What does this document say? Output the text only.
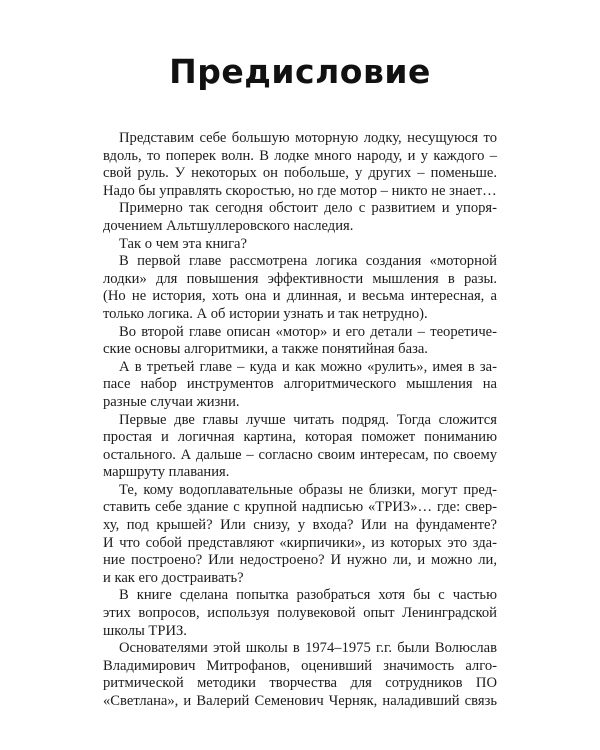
Предисловие
Представим себе большую моторную лодку, несущуюся то
вдоль, то поперек волн. В лодке много народу, и у каждого –
свой руль. У некоторых он побольше, у других – поменьше.
Надо бы управлять скоростью, но где мотор – никто не знает…
Примерно так сегодня обстоит дело с развитием и упоря-
дочением Альтшуллеровского наследия.
Так о чем эта книга?
В первой главе рассмотрена логика создания «моторной
лодки» для повышения эффективности мышления в разы.
(Но не история, хоть она и длинная, и весьма интересная, а
только логика. А об истории узнать и так нетрудно).
Во второй главе описан «мотор» и его детали – теоретиче-
ские основы алгоритмики, а также понятийная база.
А в третьей главе – куда и как можно «рулить», имея в за-
пасе набор инструментов алгоритмического мышления на
разные случаи жизни.
Первые две главы лучше читать подряд. Тогда сложится
простая и логичная картина, которая поможет пониманию
остального. А дальше – согласно своим интересам, по своему
маршруту плавания.
Те, кому водоплавательные образы не близки, могут пред-
ставить себе здание с крупной надписью «ТРИЗ»… где: свер-
ху, под крышей? Или снизу, у входа? Или на фундаменте?
И что собой представляют «кирпичики», из которых это зда-
ние построено? Или недостроено? И нужно ли, и можно ли,
и как его достраивать?
В книге сделана попытка разобраться хотя бы с частью
этих вопросов, используя полувековой опыт Ленинградской
школы ТРИЗ.
Основателями этой школы в 1974–1975 г.г. были Волюслав
Владимирович Митрофанов, оценивший значимость алго-
ритмической методики творчества для сотрудников ПО
«Светлана», и Валерий Семенович Черняк, наладивший связь
